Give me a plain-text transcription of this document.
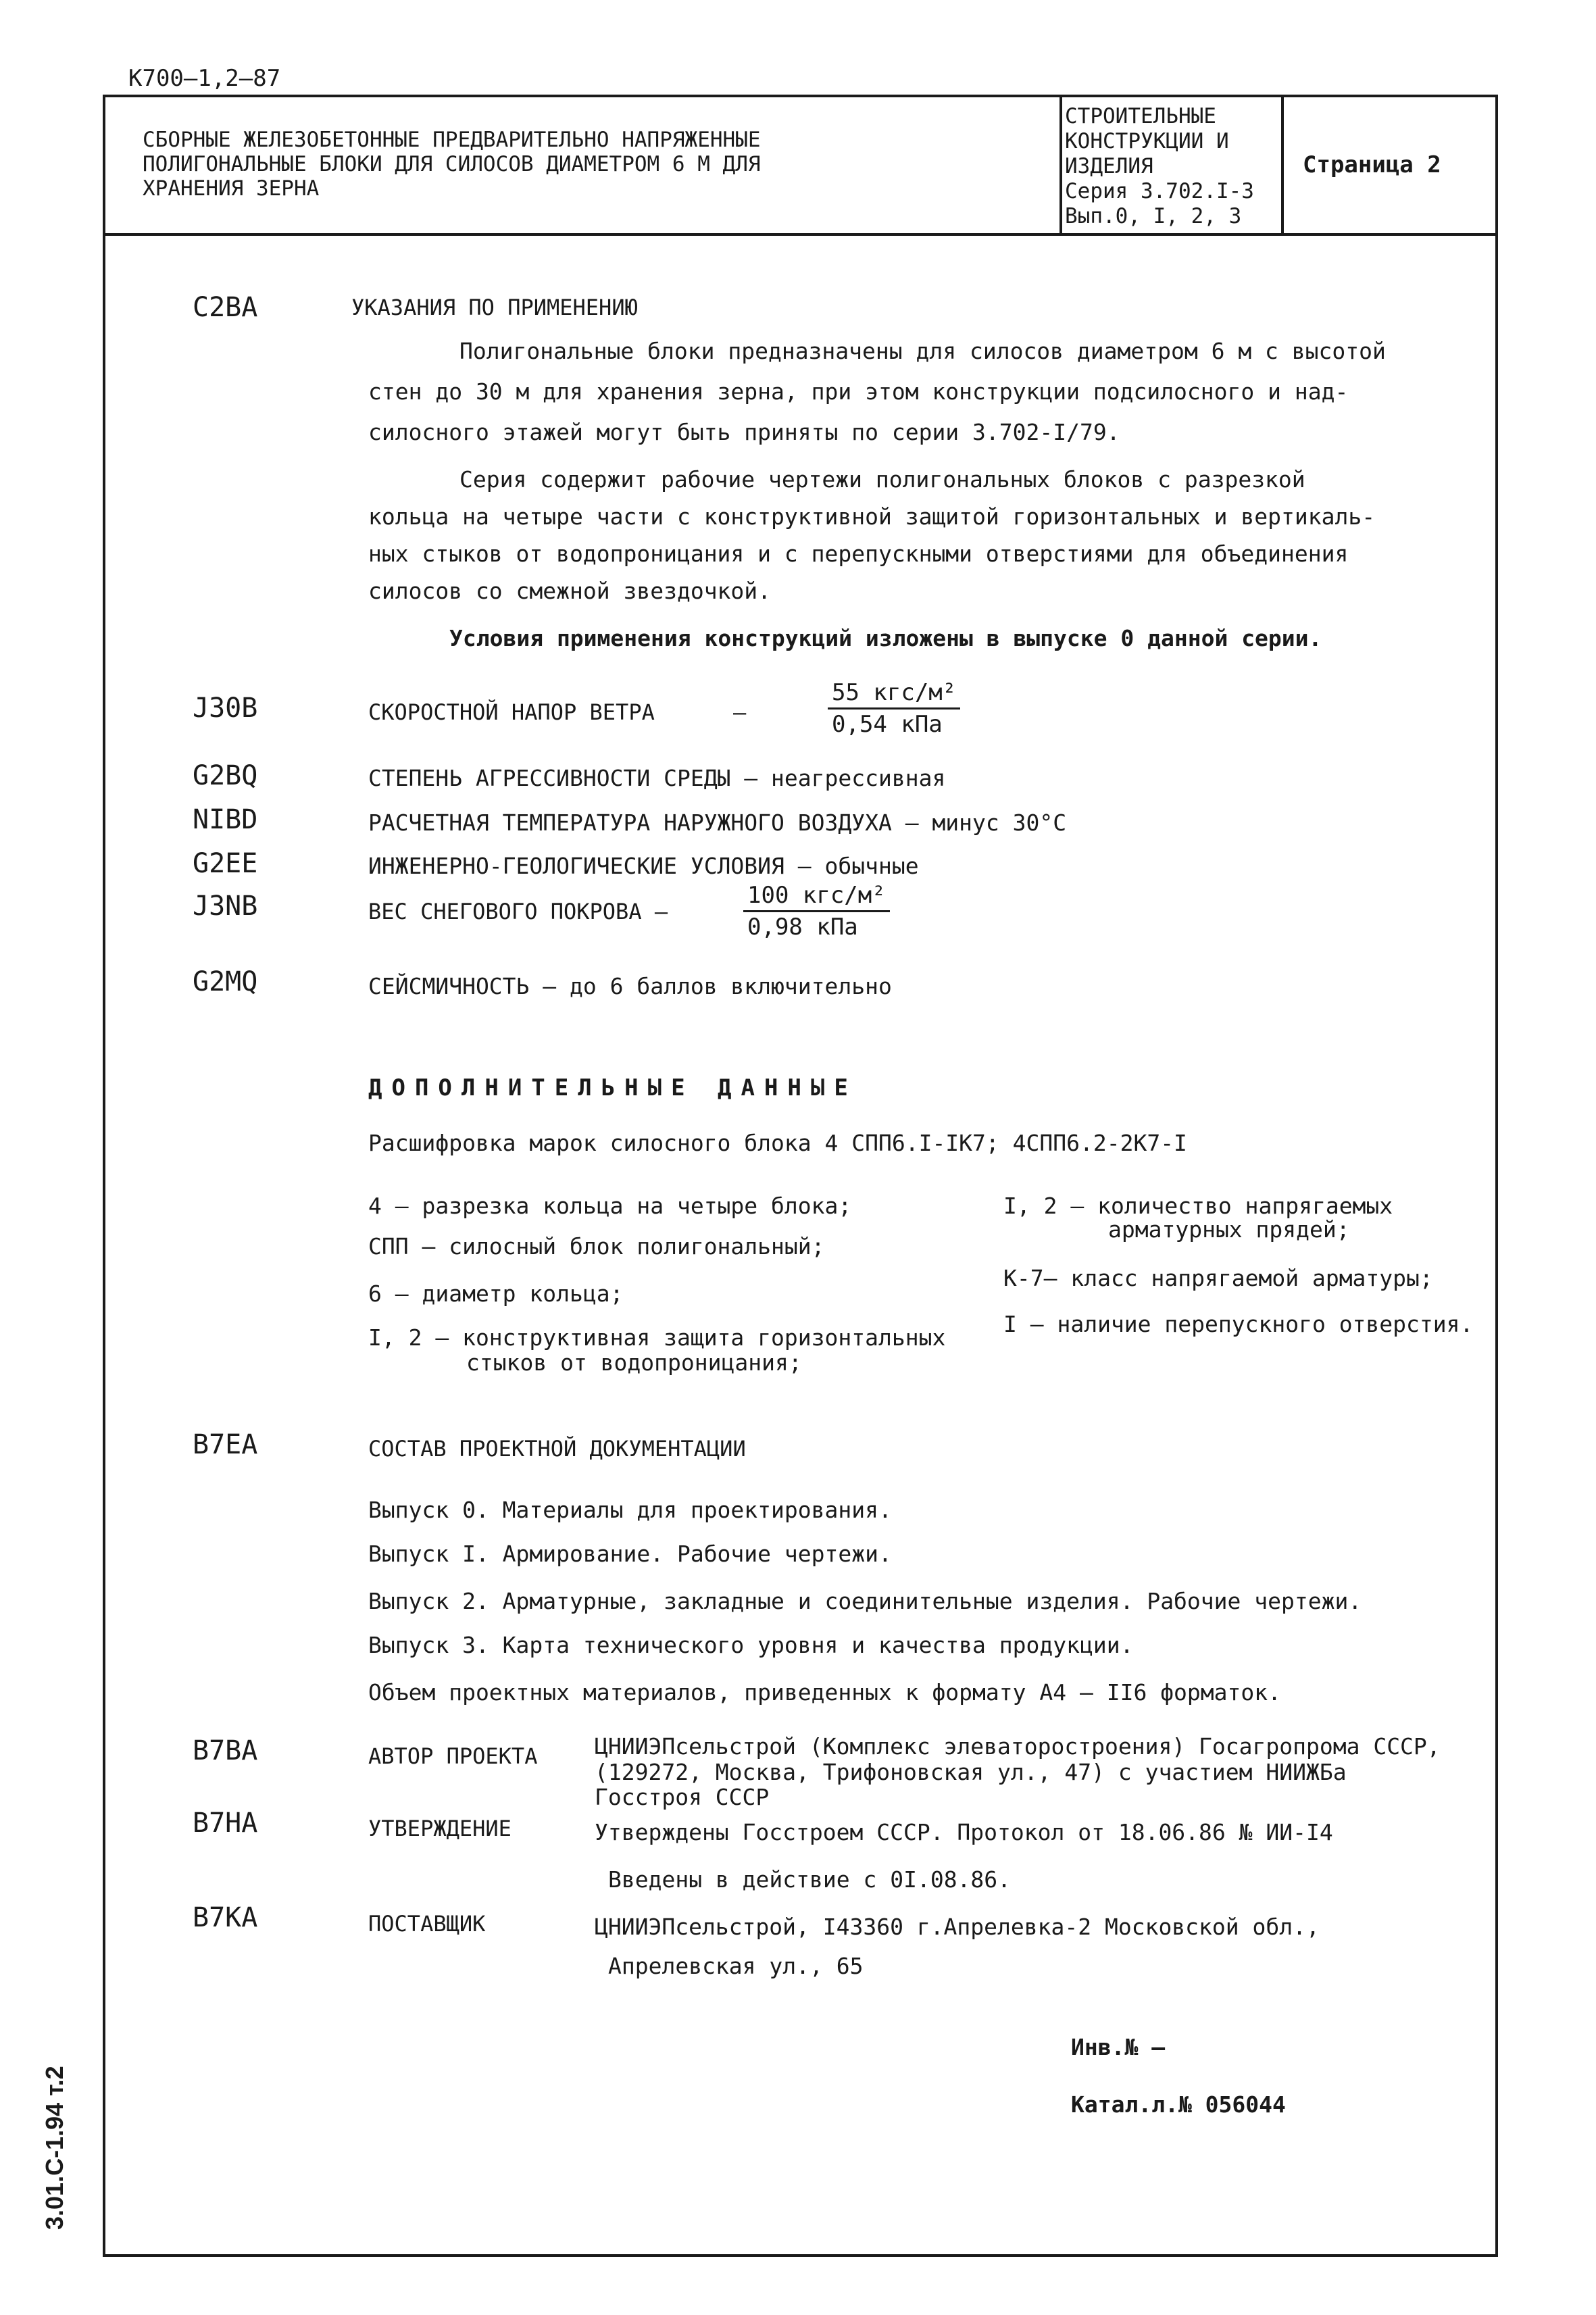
К700—1,2—87
СБОРНЫЕ ЖЕЛЕЗОБЕТОННЫЕ ПРЕДВАРИТЕЛЬНО НАПРЯЖЕННЫЕ
ПОЛИГОНАЛЬНЫЕ БЛОКИ ДЛЯ СИЛОСОВ ДИАМЕТРОМ 6 М ДЛЯ
ХРАНЕНИЯ ЗЕРНА
СТРОИТЕЛЬНЫЕ
КОНСТРУКЦИИ И
ИЗДЕЛИЯ
Серия 3.702.I-3
Вып.0, I, 2, 3
Страница 2
C2BA	УКАЗАНИЯ ПО ПРИМЕНЕНИЮ
Полигональные блоки предназначены для силосов диаметром 6 м с высотой
стен до 30 м для хранения зерна, при этом конструкции подсилосного и над-
силосного этажей могут быть приняты по серии 3.702-I/79.
Серия содержит рабочие чертежи полигональных блоков с разрезкой
кольца на четыре части с конструктивной защитой горизонтальных и вертикаль-
ных стыков от водопроницания и с перепускными отверстиями для объединения
силосов со смежной звездочкой.
Условия применения конструкций изложены в выпуске 0 данной серии.
J30B	СКОРОСТНОЙ НАПОР ВЕТРА	–
55 кгс/м²
0,54 кПа
G2BQ	СТЕПЕНЬ АГРЕССИВНОСТИ СРЕДЫ – неагрессивная
NIBD	РАСЧЕТНАЯ ТЕМПЕРАТУРА НАРУЖНОГО ВОЗДУХА – минус 30°С
G2EE	ИНЖЕНЕРНО-ГЕОЛОГИЧЕСКИЕ УСЛОВИЯ – обычные
J3NB	ВЕС СНЕГОВОГО ПОКРОВА –
100 кгс/м²
0,98 кПа
G2MQ	СЕЙСМИЧНОСТЬ – до 6 баллов включительно
ДОПОЛНИТЕЛЬНЫЕ ДАННЫЕ
Расшифровка марок силосного блока 4 СПП6.I-IК7; 4СПП6.2-2К7-I
4 – разрезка кольца на четыре блока;
СПП – силосный блок полигональный;
6 – диаметр кольца;
I, 2 – конструктивная защита горизонтальных
стыков от водопроницания;
I, 2 – количество напрягаемых
арматурных прядей;
К-7– класс напрягаемой арматуры;
I – наличие перепускного отверстия.
B7EA	СОСТАВ ПРОЕКТНОЙ ДОКУМЕНТАЦИИ
Выпуск 0. Материалы для проектирования.
Выпуск I. Армирование. Рабочие чертежи.
Выпуск 2. Арматурные, закладные и соединительные изделия. Рабочие чертежи.
Выпуск 3. Карта технического уровня и качества продукции.
Объем проектных материалов, приведенных к формату А4 – II6 форматок.
B7BA	АВТОР ПРОЕКТА	ЦНИИЭПсельстрой (Комплекс элеваторостроения) Госагропрома СССР,
(129272, Москва, Трифоновская ул., 47) с участием НИИЖБа
Госстроя СССР
B7HA	УТВЕРЖДЕНИЕ	Утверждены Госстроем СССР. Протокол от 18.06.86 № ИИ-I4
Введены в действие с 0I.08.86.
B7KA	ПОСТАВЩИК	ЦНИИЭПсельстрой, I43360 г.Апрелевка-2 Московской обл.,
Апрелевская ул., 65
Инв.№ –
Катал.л.№ 056044
3.01.С-1.94 т.2
